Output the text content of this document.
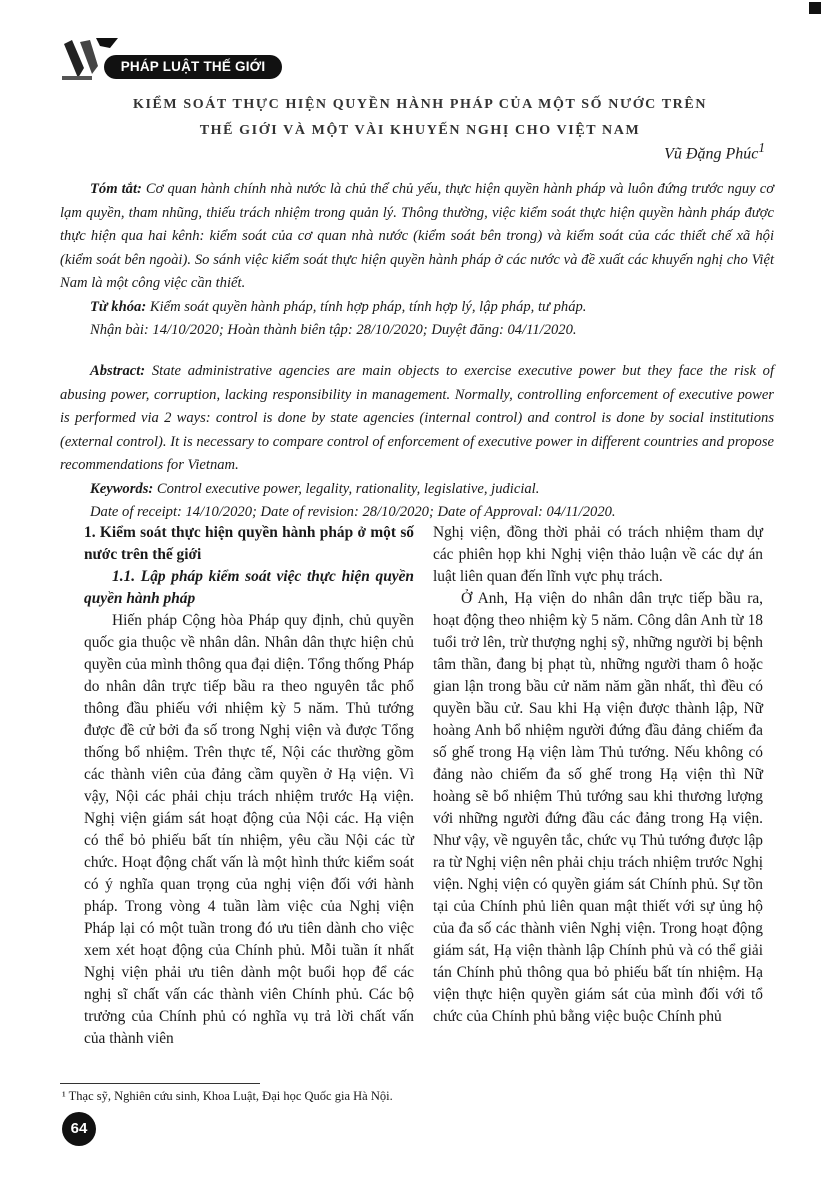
PHÁP LUẬT THẾ GIỚI
KIỂM SOÁT THỰC HIỆN QUYỀN HÀNH PHÁP CỦA MỘT SỐ NƯỚC TRÊN
THẾ GIỚI VÀ MỘT VÀI KHUYẾN NGHỊ CHO VIỆT NAM
Vũ Đặng Phúc$^1$

Tóm tắt: Cơ quan hành chính nhà nước là chủ thể chủ yếu, thực hiện quyền hành pháp và luôn đứng trước nguy cơ lạm quyền, tham nhũng, thiếu trách nhiệm trong quản lý. Thông thường, việc kiểm soát thực hiện quyền hành pháp được thực hiện qua hai kênh: kiểm soát của cơ quan nhà nước (kiểm soát bên trong) và kiểm soát của các thiết chế xã hội (kiểm soát bên ngoài). So sánh việc kiểm soát thực hiện quyền hành pháp ở các nước và đề xuất các khuyến nghị cho Việt Nam là một công việc cần thiết.

Từ khóa: Kiểm soát quyền hành pháp, tính hợp pháp, tính hợp lý, lập pháp, tư pháp.

Nhận bài: 14/10/2020; Hoàn thành biên tập: 28/10/2020; Duyệt đăng: 04/11/2020.

Abstract: State administrative agencies are main objects to exercise executive power but they face the risk of abusing power, corruption, lacking responsibility in management. Normally, controlling enforcement of executive power is performed via 2 ways: control is done by state agencies (internal control) and control is done by social institutions (external control). It is necessary to compare control of enforcement of executive power in different countries and propose recommendations for Vietnam.

Keywords: Control executive power, legality, rationality, legislative, judicial.

Date of receipt: 14/10/2020; Date of revision: 28/10/2020; Date of Approval: 04/11/2020.

1. Kiểm soát thực hiện quyền hành pháp ở một số nước trên thế giới

1.1. Lập pháp kiểm soát việc thực hiện quyền quyền hành pháp

Hiến pháp Cộng hòa Pháp quy định, chủ quyền quốc gia thuộc về nhân dân. Nhân dân thực hiện chủ quyền của mình thông qua đại diện. Tổng thống Pháp do nhân dân trực tiếp bầu ra theo nguyên tắc phổ thông đầu phiếu với nhiệm kỳ 5 năm. Thủ tướng được đề cử bởi đa số trong Nghị viện và được Tổng thống bổ nhiệm. Trên thực tế, Nội các thường gồm các thành viên của đảng cầm quyền ở Hạ viện. Vì vậy, Nội các phải chịu trách nhiệm trước Hạ viện. Nghị viện giám sát hoạt động của Nội các. Hạ viện có thể bỏ phiếu bất tín nhiệm, yêu cầu Nội các từ chức. Hoạt động chất vấn là một hình thức kiểm soát có ý nghĩa quan trọng của nghị viện đối với hành pháp. Trong vòng 4 tuần làm việc của Nghị viện Pháp lại có một tuần trong đó ưu tiên dành cho việc xem xét hoạt động của Chính phủ. Mỗi tuần ít nhất Nghị viện phải ưu tiên dành một buổi họp để các nghị sĩ chất vấn các thành viên Chính phủ. Các bộ trưởng của Chính phủ có nghĩa vụ trả lời chất vấn của thành viên

Nghị viện, đồng thời phải có trách nhiệm tham dự các phiên họp khi Nghị viện thảo luận về các dự án luật liên quan đến lĩnh vực phụ trách.

Ở Anh, Hạ viện do nhân dân trực tiếp bầu ra, hoạt động theo nhiệm kỳ 5 năm. Công dân Anh từ 18 tuổi trở lên, trừ thượng nghị sỹ, những người bị bệnh tâm thần, đang bị phạt tù, những người tham ô hoặc gian lận trong bầu cử năm năm gần nhất, thì đều có quyền bầu cử. Sau khi Hạ viện được thành lập, Nữ hoàng Anh bổ nhiệm người đứng đầu đảng chiếm đa số ghế trong Hạ viện làm Thủ tướng. Nếu không có đảng nào chiếm đa số ghế trong Hạ viện thì Nữ hoàng sẽ bổ nhiệm Thủ tướng sau khi thương lượng với những người đứng đầu các đảng trong Hạ viện. Như vậy, về nguyên tắc, chức vụ Thủ tướng được lập ra từ Nghị viện nên phải chịu trách nhiệm trước Nghị viện. Nghị viện có quyền giám sát Chính phủ. Sự tồn tại của Chính phủ liên quan mật thiết với sự ủng hộ của đa số các thành viên Nghị viện. Trong hoạt động giám sát, Hạ viện thành lập Chính phủ và có thể giải tán Chính phủ thông qua bỏ phiếu bất tín nhiệm. Hạ viện thực hiện quyền giám sát của mình đối với tổ chức của Chính phủ bằng việc buộc Chính phủ

¹ Thạc sỹ, Nghiên cứu sinh, Khoa Luật, Đại học Quốc gia Hà Nội.
64
